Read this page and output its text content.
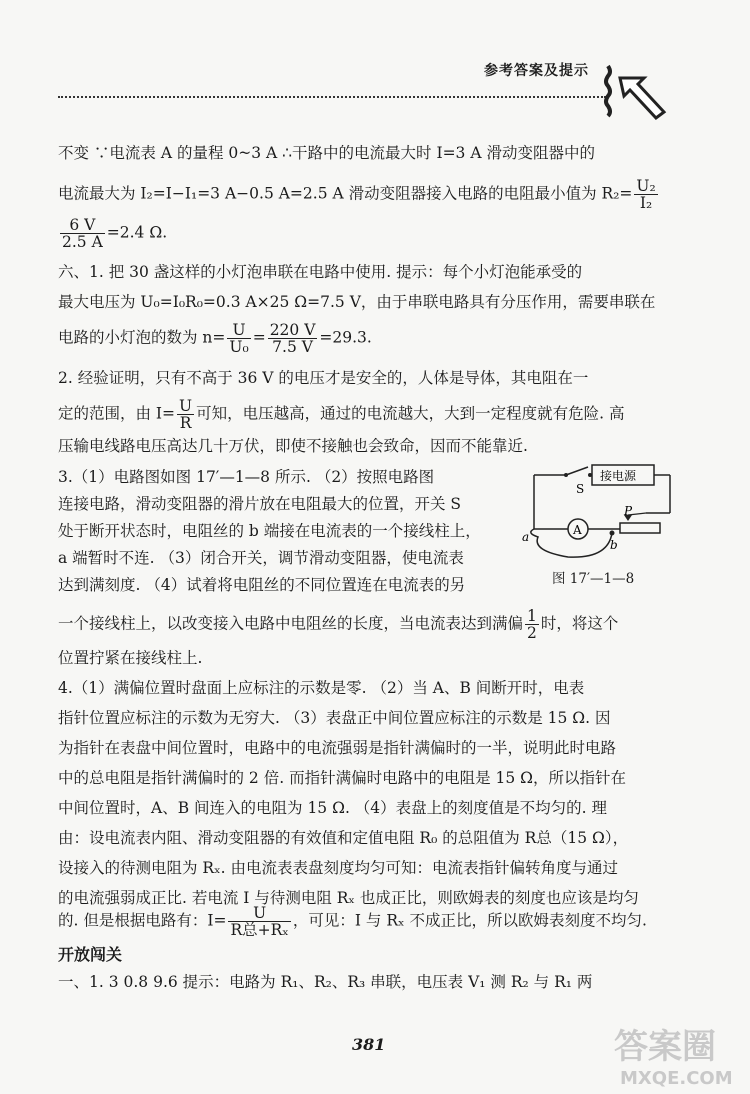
参考答案及提示
不变 ∵电流表 A 的量程 0~3 A ∴干路中的电流最大时 I=3 A 滑动变阻器中的
电流最大为 I₂=I−I₁=3 A−0.5 A=2.5 A 滑动变阻器接入电路的电阻最小值为 $R_2= \frac{\text{U₂}}{\text{I₂}}$
$\frac{6 V}{2.5 A} =2.4$ Ω.
六、1. 把 30 盏这样的小灯泡串联在电路中使用. 提示：每个小灯泡能承受的
最大电压为 U₀=I₀R₀=0.3 A×25 Ω=7.5 V，由于串联电路具有分压作用，需要串联在
电路的小灯泡的数为 $n= \frac{U}{\text{U₀}} = \frac{220 V}{7.5 V} =29.3$.
2. 经验证明，只有不高于 36 V 的电压才是安全的，人体是导体，其电阻在一
定的范围，由 $I= \frac{U}{R}$ 可知，电压越高，通过的电流越大，大到一定程度就有危险. 高
压输电线路电压高达几十万伏，即使不接触也会致命，因而不能靠近.
3.（1）电路图如图 17′—1—8 所示. （2）按照电路图
连接电路，滑动变阻器的滑片放在电阻最大的位置，开关 S
处于断开状态时，电阻丝的 b 端接在电流表的一个接线柱上，
a 端暂时不连. （3）闭合开关，调节滑动变阻器，使电流表
达到满刻度. （4）试着将电阻丝的不同位置连在电流表的另
一个接线柱上，以改变接入电路中电阻丝的长度，当电流表达到满偏 $\frac{1}{2}$ 时，将这个
位置拧紧在接线柱上.
4.（1）满偏位置时盘面上应标注的示数是零. （2）当 A、B 间断开时，电表
指针位置应标注的示数为无穷大. （3）表盘正中间位置应标注的示数是 15 Ω. 因
为指针在表盘中间位置时，电路中的电流强弱是指针满偏时的一半，说明此时电路
中的总电阻是指针满偏时的 2 倍. 而指针满偏时电路中的电阻是 15 Ω，所以指针在
中间位置时，A、B 间连入的电阻为 15 Ω. （4）表盘上的刻度值是不均匀的. 理
由：设电流表内阻、滑动变阻器的有效值和定值电阻 R₀ 的总阻值为 R总（15 Ω），
设接入的待测电阻为 Rₓ. 由电流表表盘刻度均匀可知：电流表指针偏转角度与通过
的电流强弱成正比. 若电流 I 与待测电阻 Rₓ 也成正比，则欧姆表的刻度也应该是均匀
的. 但是根据电路有：$I= \frac{U}{\text{R总+Rₓ}}$ ，可见：I 与 Rₓ 不成正比，所以欧姆表刻度不均匀.
开放闯关
一、1. 3 0.8 9.6 提示：电路为 R₁、R₂、R₃ 串联，电压表 V₁ 测 R₂ 与 R₁ 两
S
接电源
P
A
b
a
图 17′—1—8
381	答案圈
MXQE.COM
